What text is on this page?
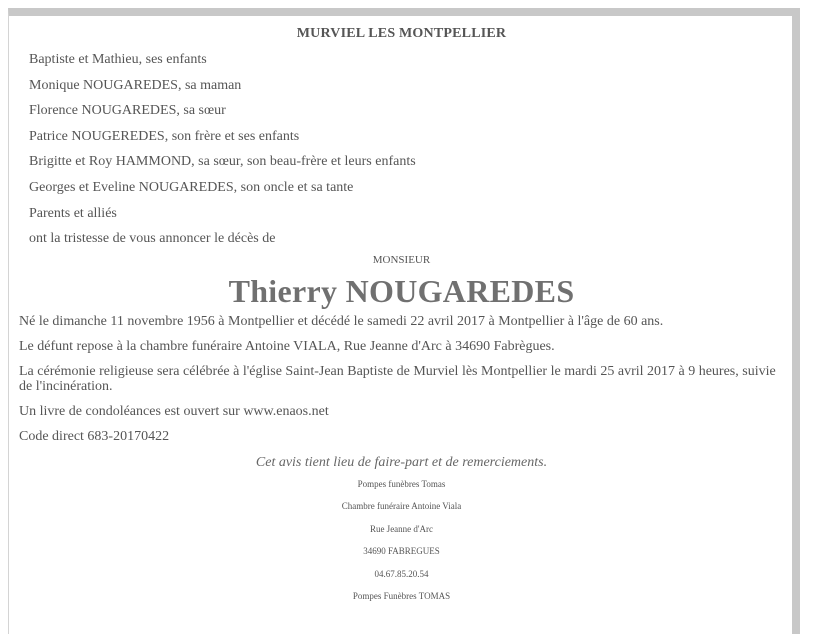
MURVIEL LES MONTPELLIER
Baptiste et Mathieu, ses enfants
Monique NOUGAREDES, sa maman
Florence NOUGAREDES, sa sœur
Patrice NOUGEREDES, son frère et ses enfants
Brigitte et Roy HAMMOND, sa sœur, son beau-frère et leurs enfants
Georges et Eveline NOUGAREDES, son oncle et sa tante
Parents et alliés
ont la tristesse de vous annoncer le décès de
MONSIEUR
Thierry NOUGAREDES
Né le dimanche 11 novembre 1956 à Montpellier et décédé le samedi 22 avril 2017 à Montpellier à l'âge de 60 ans.
Le défunt repose à la chambre funéraire Antoine VIALA, Rue Jeanne d'Arc à 34690 Fabrègues.
La cérémonie religieuse sera célébrée à l'église Saint-Jean Baptiste de Murviel lès Montpellier le mardi 25 avril 2017 à 9 heures, suivie de l'incinération.
Un livre de condoléances est ouvert sur www.enaos.net
Code direct 683-20170422
Cet avis tient lieu de faire-part et de remerciements.
Pompes funèbres Tomas
Chambre funéraire Antoine Viala
Rue Jeanne d'Arc
34690 FABREGUES
04.67.85.20.54
Pompes Funèbres TOMAS
